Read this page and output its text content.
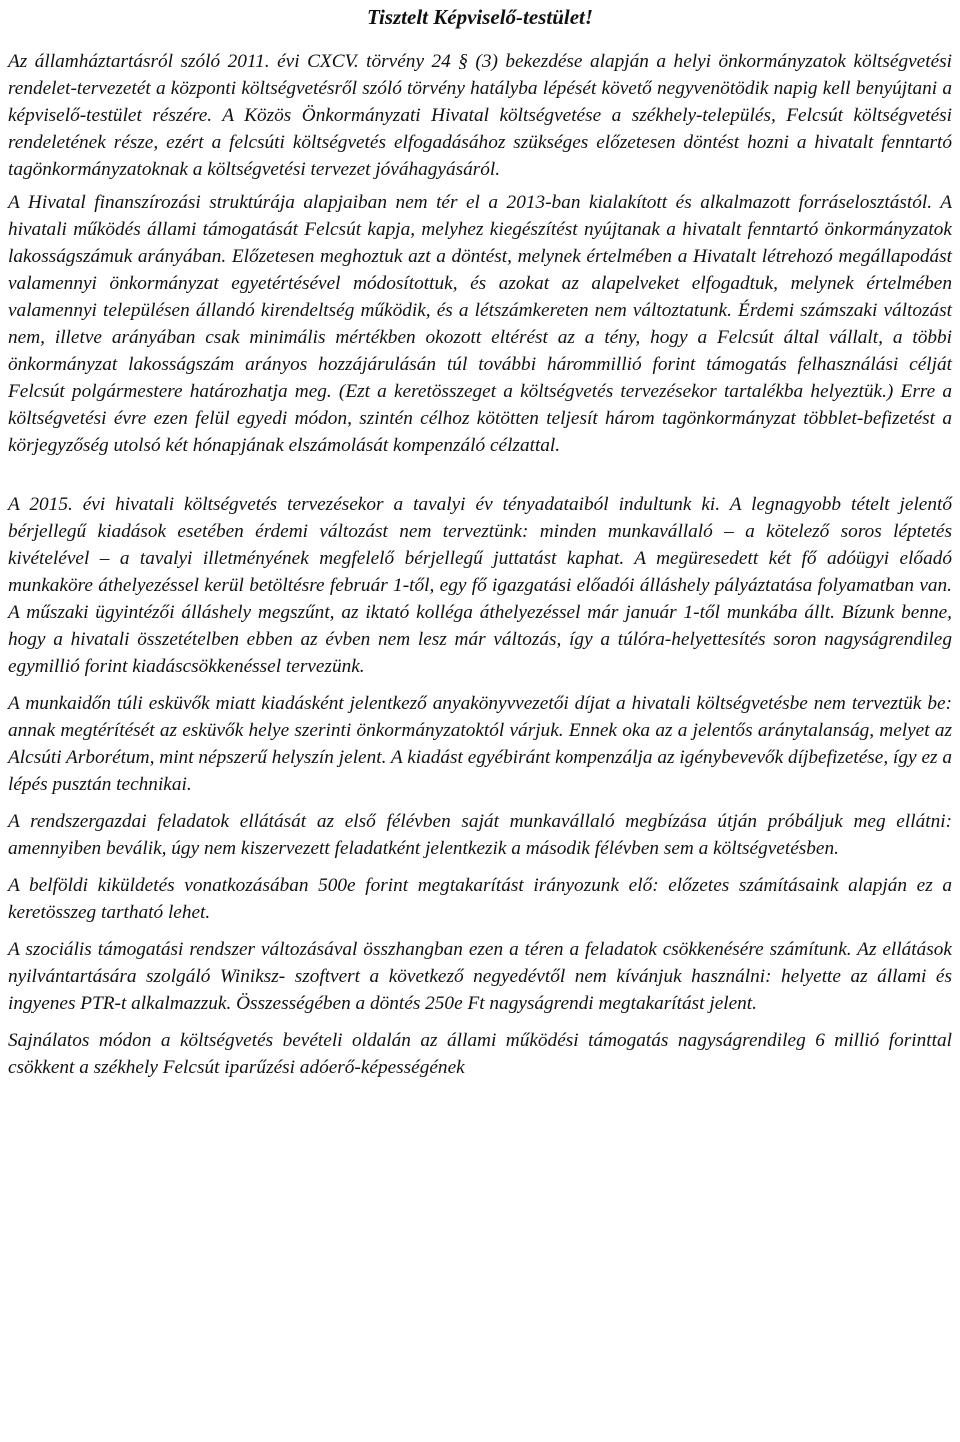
Tisztelt Képviselő-testület!

Az államháztartásról szóló 2011. évi CXCV. törvény 24 § (3) bekezdése alapján a helyi önkormányzatok költségvetési rendelet-tervezetét a központi költségvetésről szóló törvény hatályba lépését követő negyvenötödik napig kell benyújtani a képviselő-testület részére. A Közös Önkormányzati Hivatal költségvetése a székhely-település, Felcsút költségvetési rendeletének része, ezért a felcsúti költségvetés elfogadásához szükséges előzetesen döntést hozni a hivatalt fenntartó tagönkormányzatoknak a költségvetési tervezet jóváhagyásáról.

A Hivatal finanszírozási struktúrája alapjaiban nem tér el a 2013-ban kialakított és alkalmazott forráselosztástól. A hivatali működés állami támogatását Felcsút kapja, melyhez kiegészítést nyújtanak a hivatalt fenntartó önkormányzatok lakosságszámuk arányában. Előzetesen meghoztuk azt a döntést, melynek értelmében a Hivatalt létrehozó megállapodást valamennyi önkormányzat egyetértésével módosítottuk, és azokat az alapelveket elfogadtuk, melynek értelmében valamennyi településen állandó kirendeltség működik, és a létszámkereten nem változtatunk. Érdemi számszaki változást nem, illetve arányában csak minimális mértékben okozott eltérést az a tény, hogy a Felcsút által vállalt, a többi önkormányzat lakosságszám arányos hozzájárulásán túl további hárommillió forint támogatás felhasználási célját Felcsút polgármestere határozhatja meg. (Ezt a keretösszeget a költségvetés tervezésekor tartalékba helyeztük.) Erre a költségvetési évre ezen felül egyedi módon, szintén célhoz kötötten teljesít három tagönkormányzat többlet-befizetést a körjegyzőség utolsó két hónapjának elszámolását kompenzáló célzattal.

A 2015. évi hivatali költségvetés tervezésekor a tavalyi év tényadataiból indultunk ki. A legnagyobb tételt jelentő bérjellegű kiadások esetében érdemi változást nem terveztünk: minden munkavállaló – a kötelező soros léptetés kivételével – a tavalyi illetményének megfelelő bérjellegű juttatást kaphat. A megüresedett két fő adóügyi előadó munkaköre áthelyezéssel kerül betöltésre február 1-től, egy fő igazgatási előadói álláshely pályáztatása folyamatban van. A műszaki ügyintézői álláshely megszűnt, az iktató kolléga áthelyezéssel már január 1-től munkába állt. Bízunk benne, hogy a hivatali összetételben ebben az évben nem lesz már változás, így a túlóra-helyettesítés soron nagyságrendileg egymillió forint kiadáscsökkenéssel tervezünk.

A munkaidőn túli esküvők miatt kiadásként jelentkező anyakönyvvezetői díjat a hivatali költségvetésbe nem terveztük be: annak megtérítését az esküvők helye szerinti önkormányzatoktól várjuk. Ennek oka az a jelentős aránytalanság, melyet az Alcsúti Arborétum, mint népszerű helyszín jelent. A kiadást egyébiránt kompenzálja az igénybevevők díjbefizetése, így ez a lépés pusztán technikai.

A rendszergazdai feladatok ellátását az első félévben saját munkavállaló megbízása útján próbáljuk meg ellátni: amennyiben beválik, úgy nem kiszervezett feladatként jelentkezik a második félévben sem a költségvetésben.

A belföldi kiküldetés vonatkozásában 500e forint megtakarítást irányozunk elő: előzetes számításaink alapján ez a keretösszeg tartható lehet.

A szociális támogatási rendszer változásával összhangban ezen a téren a feladatok csökkenésére számítunk. Az ellátások nyilvántartására szolgáló Winiksz- szoftvert a következő negyedévtől nem kívánjuk használni: helyette az állami és ingyenes PTR-t alkalmazzuk. Összességében a döntés 250e Ft nagyságrendi megtakarítást jelent.

Sajnálatos módon a költségvetés bevételi oldalán az állami működési támogatás nagyságrendileg 6 millió forinttal csökkent a székhely Felcsút iparűzési adóerő-képességének
